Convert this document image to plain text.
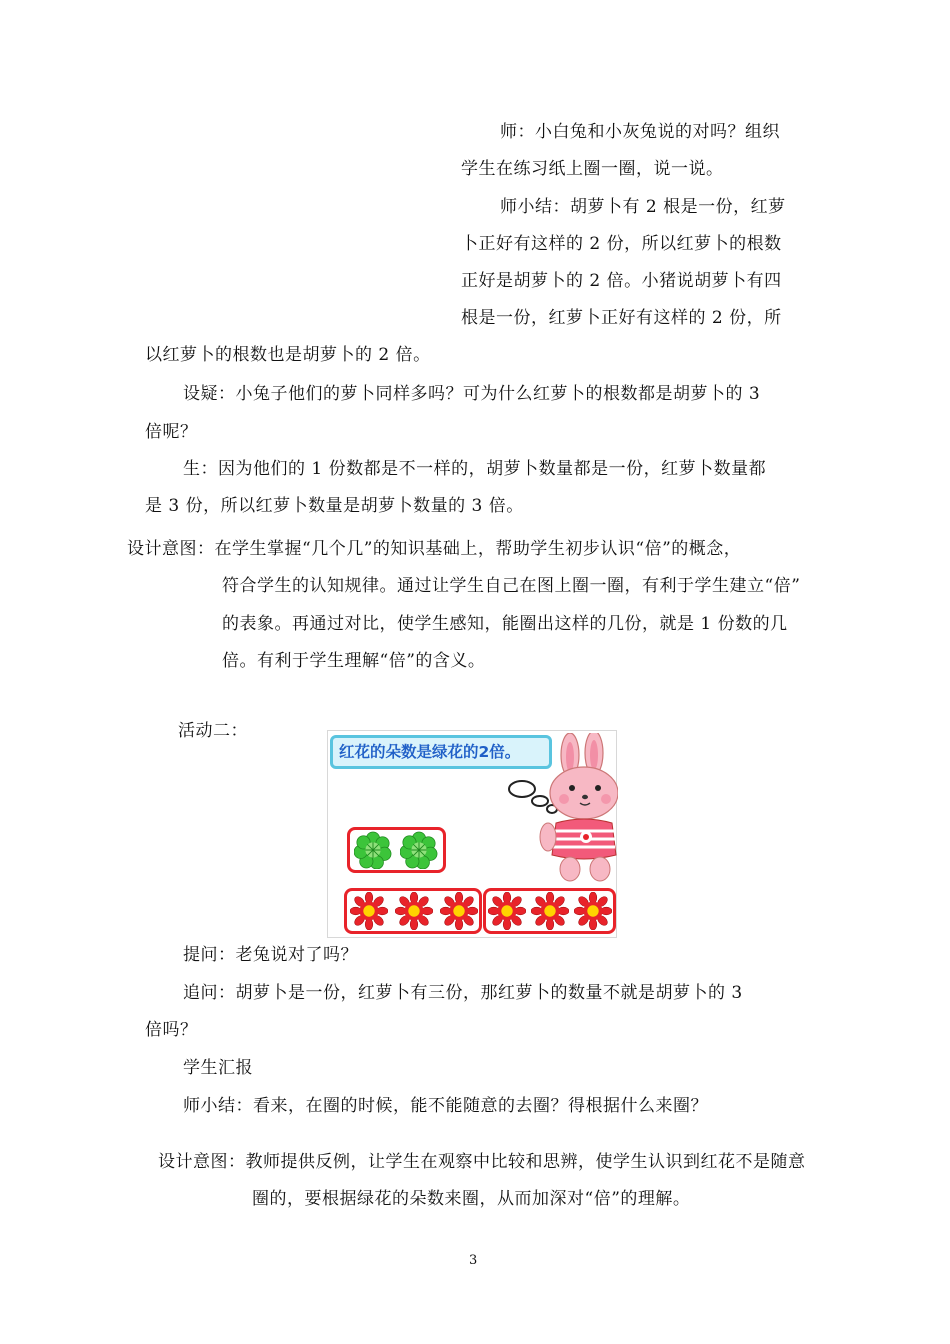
师：小白兔和小灰兔说的对吗？组织
学生在练习纸上圈一圈，说一说。
师小结：胡萝卜有 2 根是一份，红萝
卜正好有这样的 2 份，所以红萝卜的根数
正好是胡萝卜的 2 倍。小猪说胡萝卜有四
根是一份，红萝卜正好有这样的 2 份，所
以红萝卜的根数也是胡萝卜的 2 倍。
设疑：小兔子他们的萝卜同样多吗？可为什么红萝卜的根数都是胡萝卜的 3
倍呢？
生：因为他们的 1 份数都是不一样的，胡萝卜数量都是一份，红萝卜数量都
是 3 份，所以红萝卜数量是胡萝卜数量的 3 倍。
设计意图：在学生掌握“几个几”的知识基础上，帮助学生初步认识“倍”的概念，
符合学生的认知规律。通过让学生自己在图上圈一圈，有利于学生建立“倍”
的表象。再通过对比，使学生感知，能圈出这样的几份，就是 1 份数的几
倍。有利于学生理解“倍”的含义。
活动二：
红花的朵数是绿花的2倍。
提问：老兔说对了吗？
追问：胡萝卜是一份，红萝卜有三份，那红萝卜的数量不就是胡萝卜的 3
倍吗？
学生汇报
师小结：看来，在圈的时候，能不能随意的去圈？得根据什么来圈？
设计意图：教师提供反例，让学生在观察中比较和思辨，使学生认识到红花不是随意
圈的，要根据绿花的朵数来圈，从而加深对“倍”的理解。
3
